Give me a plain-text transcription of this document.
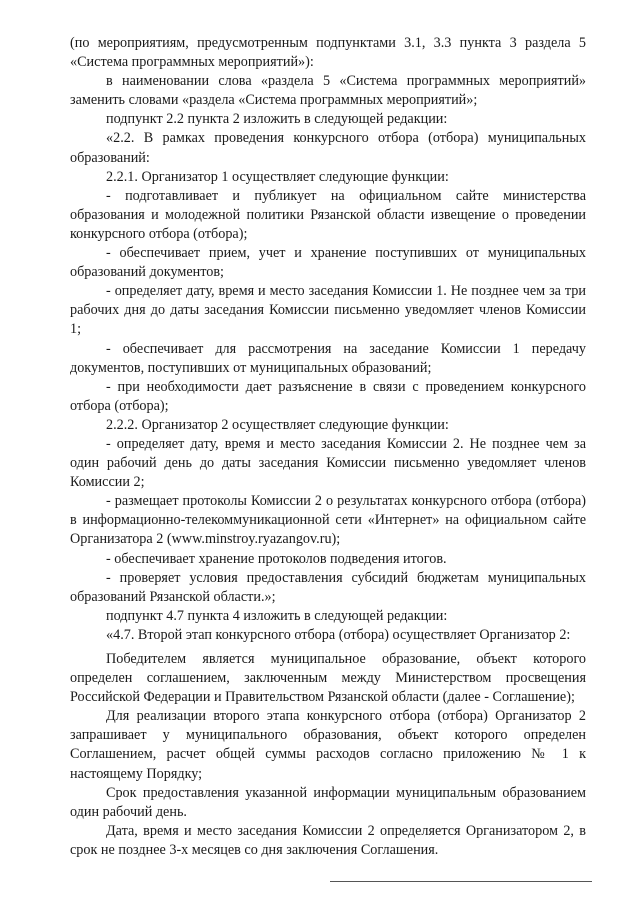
(по мероприятиям, предусмотренным подпунктами 3.1, 3.3 пункта 3 раздела 5 «Система программных мероприятий»):

в наименовании слова «раздела 5 «Система программных мероприятий» заменить словами «раздела «Система программных мероприятий»;

подпункт 2.2 пункта 2 изложить в следующей редакции:

«2.2. В рамках проведения конкурсного отбора (отбора) муниципальных образований:

2.2.1. Организатор 1 осуществляет следующие функции:

- подготавливает и публикует на официальном сайте министерства образования и молодежной политики Рязанской области извещение о проведении конкурсного отбора (отбора);

- обеспечивает прием, учет и хранение поступивших от муниципальных образований документов;

- определяет дату, время и место заседания Комиссии 1. Не позднее чем за три рабочих дня до даты заседания Комиссии письменно уведомляет членов Комиссии 1;

- обеспечивает для рассмотрения на заседание Комиссии 1 передачу документов, поступивших от муниципальных образований;

- при необходимости дает разъяснение в связи с проведением конкурсного отбора (отбора);

2.2.2. Организатор 2 осуществляет следующие функции:

- определяет дату, время и место заседания Комиссии 2. Не позднее чем за один рабочий день до даты заседания Комиссии письменно уведомляет членов Комиссии 2;

- размещает протоколы Комиссии 2 о результатах конкурсного отбора (отбора) в информационно-телекоммуникационной сети «Интернет» на официальном сайте Организатора 2 (www.minstroy.ryazangov.ru);

- обеспечивает хранение протоколов подведения итогов.

- проверяет условия предоставления субсидий бюджетам муниципальных образований Рязанской области.»;

подпункт 4.7 пункта 4 изложить в следующей редакции:

«4.7. Второй этап конкурсного отбора (отбора) осуществляет Организатор 2:

Победителем является муниципальное образование, объект которого определен соглашением, заключенным между Министерством просвещения Российской Федерации и Правительством Рязанской области (далее - Соглашение);

Для реализации второго этапа конкурсного отбора (отбора) Организатор 2 запрашивает у муниципального образования, объект которого определен Соглашением, расчет общей суммы расходов согласно приложению № 1 к настоящему Порядку;

Срок предоставления указанной информации муниципальным образованием один рабочий день.

Дата, время и место заседания Комиссии 2 определяется Организатором 2, в срок не позднее 3-х месяцев со дня заключения Соглашения.
